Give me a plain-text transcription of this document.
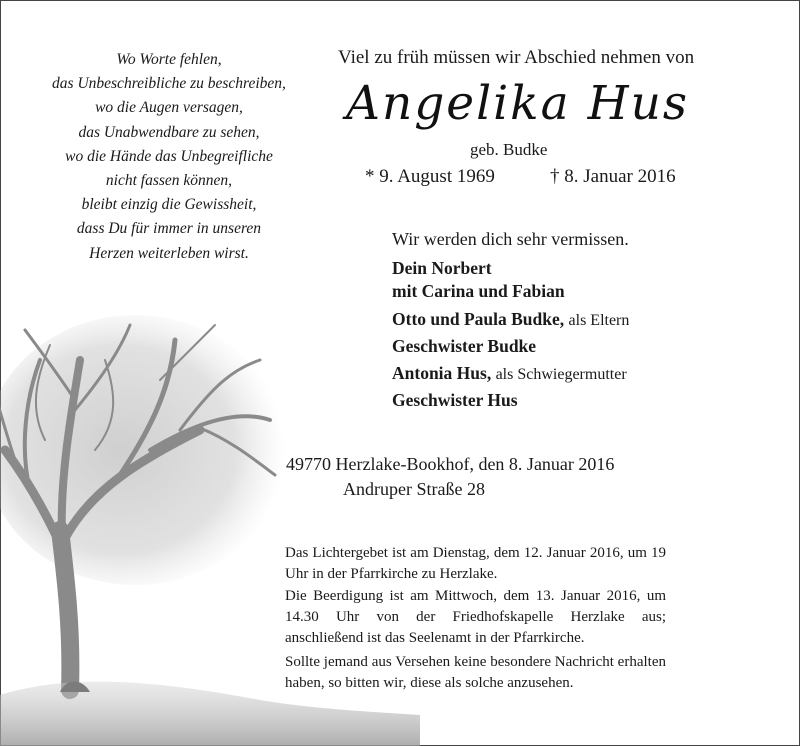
Wo Worte fehlen,
das Unbeschreibliche zu beschreiben,
wo die Augen versagen,
das Unabwendbare zu sehen,
wo die Hände das Unbegreifliche
nicht fassen können,
bleibt einzig die Gewissheit,
dass Du für immer in unseren
Herzen weiterleben wirst.
Viel zu früh müssen wir Abschied nehmen von
Angelika Hus
geb. Budke
* 9. August 1969	† 8. Januar 2016
Wir werden dich sehr vermissen.
Dein Norbert
mit Carina und Fabian
Otto und Paula Budke, als Eltern
Geschwister Budke
Antonia Hus, als Schwiegermutter
Geschwister Hus
49770 Herzlake-Bookhof, den 8. Januar 2016
Andruper Straße 28
Das Lichtergebet ist am Dienstag, dem 12. Januar 2016, um 19 Uhr in der Pfarrkirche zu Herzlake.
Die Beerdigung ist am Mittwoch, dem 13. Januar 2016, um 14.30 Uhr von der Friedhofskapelle Herzlake aus; anschließend ist das Seelenamt in der Pfarrkirche.
Sollte jemand aus Versehen keine besondere Nachricht erhalten haben, so bitten wir, diese als solche anzusehen.
